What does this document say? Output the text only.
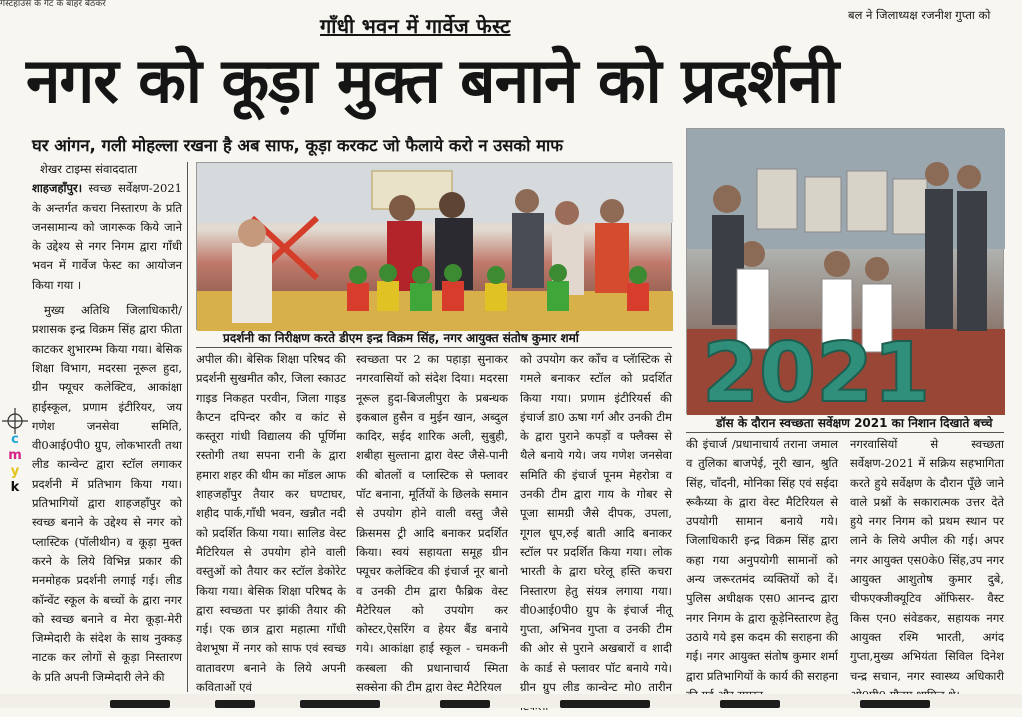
गेस्टहाउस के गेट के बाहर बैठकर
बल ने जिलाध्यक्ष रजनीश गुप्ता को
गाँधी भवन में गार्वेज फेस्ट
नगर को कूड़ा मुक्त बनाने को प्रदर्शनी
घर आंगन, गली मोहल्ला रखना है अब साफ, कूड़ा करकट जो फैलाये करो न उसको माफ

शेखर टाइम्स संवाददाता

शाहजहाँपुर। स्वच्छ सर्वेक्षण-2021 के अन्तर्गत कचरा निस्तारण के प्रति जनसामान्य को जागरूक किये जाने के उद्देश्य से नगर निगम द्वारा गाँधी भवन में गार्वेज फेस्ट का आयोजन किया गया ।

मुख्य अतिथि जिलाधिकारी/प्रशासक इन्द्र विक्रम सिंह द्वारा फीता काटकर शुभारम्भ किया गया। बेसिक शिक्षा विभाग, मदरसा नूरूल हुदा, ग्रीन फ्यूचर कलेक्टिव, आकांक्षा हाईस्कूल, प्रणाम इंटीरियर, जय गणेश जनसेवा समिति, वी0आई0पी0 ग्रुप, लोकभारती तथा लीड कान्वेन्ट द्वारा स्टॉल लगाकर प्रदर्शनी में प्रतिभाग किया गया। प्रतिभागियों द्वारा शाहजहाँपुर को स्वच्छ बनाने के उद्देश्य से नगर को प्लास्टिक (पॉलीथीन) व कूड़ा मुक्त करने के लिये विभिन्न प्रकार की मनमोहक प्रदर्शनी लगाई गई। लीड कॉन्वेंट स्कूल के बच्चों के द्वारा नगर को स्वच्छ बनाने व मेरा कूड़ा-मेरी जिम्मेदारी के संदेश के साथ नुक्कड़ नाटक कर लोगों से कूड़ा निस्तारण के प्रति अपनी जिम्मेदारी लेने की

c
m
y
k
प्रदर्शनी का निरीक्षण करते डीएम इन्द्र विक्रम सिंह, नगर आयुक्त संतोष कुमार शर्मा
अपील की। बेसिक शिक्षा परिषद की प्रदर्शनी सुखमीत कौर, जिला स्काउट गाइड निकहत परवीन, जिला गाइड कैप्टन दपिन्दर कौर व कांट से कस्तूरा गांधी विद्यालय की पूर्णिमा रस्तोगी तथा सपना रानी के द्वारा हमारा शहर की थीम का मॉडल आफ शाहजहाँपुर तैयार कर घण्टाघर, शहीद पार्क,गाँधी भवन, खन्नौत नदी को प्रदर्शित किया गया। सालिड वेस्ट मैटिरियल से उपयोग होने वाली वस्तुओं को तैयार कर स्टॉल डेकोरेट किया गया। बेसिक शिक्षा परिषद के द्वारा स्वच्छता पर झांकी तैयार की गई। एक छात्र द्वारा महात्मा गाँधी वेशभूषा में नगर को साफ एवं स्वच्छ वातावरण बनाने के लिये अपनी कविताओं एवं
स्वच्छता पर 2 का पहाड़ा सुनाकर नगरवासियों को संदेश दिया। मदरसा नूरूल हुदा-बिजलीपुरा के प्रबन्धक इकबाल हुसैन व मुईन खान, अब्दुल कादिर, सईद शारिक अली, सुबुही, शबीहा सुल्ताना द्वारा वेस्ट जैसे-पानी की बोतलों व प्लास्टिक से फ्लावर पॉट बनाना, मूर्तियों के छिलके समान से उपयोग होने वाली वस्तु जैसे क्रिसमस ट्री आदि बनाकर प्रदर्शित किया। स्वयं सहायता समूह ग्रीन फ्यूचर कलेक्टिव की इंचार्ज नूर बानो व उनकी टीम द्वारा फैब्रिक वेस्ट मैटेरियल को उपयोग कर कोस्टर,ऐसरिंग व हेयर बैंड बनाये गये। आकांक्षा हाई स्कूल - चमकनी कस्बला की प्रधानाचार्य स्मिता सक्सेना की टीम द्वारा वेस्ट मैटेरियल
को उपयोग कर कॉंच व प्लॅास्टिक से गमले बनाकर स्टॉल को प्रदर्शित किया गया। प्रणाम इंटीरियर्स की इंचार्ज डा0 ऊषा गर्ग और उनकी टीम के द्वारा पुराने कपड़ों व फ्लैक्स से थैले बनाये गये। जय गणेश जनसेवा समिति की इंचार्ज पूनम मेहरोत्रा व उनकी टीम द्वारा गाय के गोबर से पूजा सामग्री जैसे दीपक, उपला, गूगल धूप,रुई बाती आदि बनाकर स्टॉल पर प्रदर्शित किया गया। लोक भारती के द्वारा घरेलू हस्ति कचरा निस्तारण हेतु संयत्र लगाया गया। वी0आई0पी0 ग्रुप के इंचार्ज नीतू गुप्ता, अभिनव गुप्ता व उनकी टीम की ओर से पुराने अखबारों व शादी के कार्ड से फ्लावर पॉट बनाये गये। ग्रीन ग्रुप लीड कान्वेन्ट मो0 तारीन
2021
डॉस के दौरान स्वच्छता सर्वेक्षण 2021 का निशान दिखाते बच्चे
की इंचार्ज /प्रधानाचार्य तराना जमाल व तुलिका बाजपेई, नूरी खान, श्रुति सिंह, चाँदनी, मोनिका सिंह एवं सईदा रूकैय्या के द्वारा वेस्ट मैटिरियल से उपयोगी सामान बनाये गये। जिलाधिकारी इन्द्र विक्रम सिंह द्वारा कहा गया अनुपयोगी सामानों को अन्य जरूरतमंद व्यक्तियों को दें। पुलिस अधीक्षक एस0 आनन्द द्वारा नगर निगम के द्वारा कूड़ेनिस्तारण हेतु उठाये गये इस कदम की सराहना की गई। नगर आयुक्त संतोष कुमार शर्मा द्वारा प्रतिभागियों के कार्य की सराहना
नगरवासियों से स्वच्छता सर्वेक्षण-2021 में सक्रिय सहभागिता करते हुये सर्वेक्षण के दौरान पूँछे जाने वाले प्रश्नों के सकारात्मक उत्तर देते हुये नगर निगम को प्रथम स्थान पर लाने के लिये अपील की गई। अपर नगर आयुक्त एस0के0 सिंह,उप नगर आयुक्त आशुतोष कुमार दुबे, चीफएक्जीक्यूटिव ऑफिसर- वैस्ट किस एन0 संवेडकर, सहायक नगर आयुक्त रश्मि भारती, अगंद गुप्ता,मुख्य अभियंता सिविल दिनेश चन्द्र सचान, नगर स्वास्थ्य अधिकारी
